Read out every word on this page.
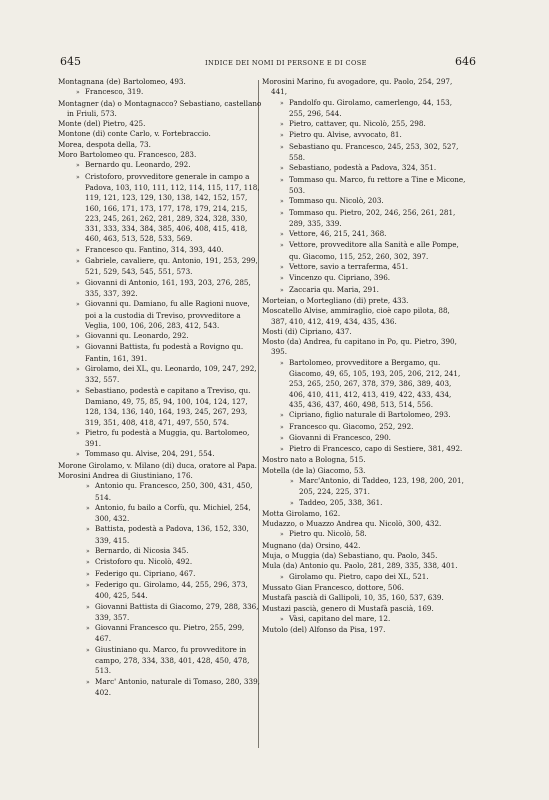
645	INDICE DEI NOMI DI PERSONE E DI COSE	646
Montagnana (de) Bartolomeo, 493.
» Francesco, 319.
Montagner (da) o Montagnacco? Sebastiano, castellano in Friuli, 573.
Monte (del) Pietro, 425.
Montone (di) conte Carlo, v. Fortebraccio.
Morea, despota della, 73.
Moro Bartolomeo qu. Francesco, 283.
» Bernardo qu. Leonardo, 292.
» Cristoforo, provveditore generale in campo a Padova, 103, 110, 111, 112, 114, 115, 117, 118, 119, 121, 123, 129, 130, 138, 142, 152, 157, 160, 166, 171, 173, 177, 178, 179, 214, 215, 223, 245, 261, 262, 281, 289, 324, 328, 330, 331, 333, 334, 384, 385, 406, 408, 415, 418, 460, 463, 513, 528, 533, 569.
» Francesco qu. Fantino, 314, 393, 440.
» Gabriele, cavaliere, qu. Antonio, 191, 253, 299, 521, 529, 543, 545, 551, 573.
» Giovanni di Antonio, 161, 193, 203, 276, 285, 335, 337, 392.
» Giovanni qu. Damiano, fu alle Ragioni nuove, poi a la custodia di Treviso, provveditore a Veglia, 100, 106, 206, 283, 412, 543.
» Giovanni qu. Leonardo, 292.
» Giovanni Battista, fu podestà a Rovigno qu. Fantin, 161, 391.
» Girolamo, dei XL, qu. Leonardo, 109, 247, 292, 332, 557.
» Sebastiano, podestà e capitano a Treviso, qu. Damiano, 49, 75, 85, 94, 100, 104, 124, 127, 128, 134, 136, 140, 164, 193, 245, 267, 293, 319, 351, 408, 418, 471, 497, 550, 574.
» Pietro, fu podestà a Muggia, qu. Bartolomeo, 391.
» Tommaso qu. Alvise, 204, 291, 554.
Morone Girolamo, v. Milano (di) duca, oratore al Papa.
Morosini Andrea di Giustiniano, 176.
» Antonio qu. Francesco, 250, 300, 431, 450, 514.
» Antonio, fu bailo a Corfù, qu. Michiel, 254, 300, 432.
» Battista, podestà a Padova, 136, 152, 330, 339, 415.
» Bernardo, di Nicosia 345.
» Cristoforo qu. Nicolò, 492.
» Federigo qu. Cipriano, 467.
» Federigo qu. Girolamo, 44, 255, 296, 373, 400, 425, 544.
» Giovanni Battista di Giacomo, 279, 288, 336, 339, 357.
» Giovanni Francesco qu. Pietro, 255, 299, 467.
» Giustiniano qu. Marco, fu provveditore in campo, 278, 334, 338, 401, 428, 450, 478, 513.
» Marc' Antonio, naturale di Tomaso, 280, 339, 402.
Morosini Marino, fu avogadore, qu. Paolo, 254, 297, 441,
» Pandolfo qu. Girolamo, camerlengo, 44, 153, 255, 296, 544.
» Pietro, cattaver, qu. Nicolò, 255, 298.
» Pietro qu. Alvise, avvocato, 81.
» Sebastiano qu. Francesco, 245, 253, 302, 527, 558.
» Sebastiano, podestà a Padova, 324, 351.
» Tommaso qu. Marco, fu rettore a Tine e Micone, 503.
» Tommaso qu. Nicolò, 203.
» Tommaso qu. Pietro, 202, 246, 256, 261, 281, 289, 335, 339.
» Vettore, 46, 215, 241, 368.
» Vettore, provveditore alla Sanità e alle Pompe, qu. Giacomo, 115, 252, 260, 302, 397.
» Vettore, savio a terraferma, 451.
» Vincenzo qu. Cipriano, 396.
» Zaccaria qu. Maria, 291.
Morteian, o Morteglianο (di) prete, 433.
Moscatello Alvise, ammiraglio, cioè capo pilota, 88, 387, 410, 412, 419, 434, 435, 436.
Mosti (di) Cipriano, 437.
Mosto (da) Andrea, fu capitano in Po, qu. Pietro, 390, 395.
» Bartolomeo, provveditore a Bergamo, qu. Giacomo, 49, 65, 105, 193, 205, 206, 212, 241, 253, 265, 250, 267, 378, 379, 386, 389, 403, 406, 410, 411, 412, 413, 419, 422, 433, 434, 435, 436, 437, 460, 498, 513, 514, 556.
» Cipriano, figlio naturale di Bartolomeo, 293.
» Francesco qu. Giacomo, 252, 292.
» Giovanni di Francesco, 290.
» Pietro di Francesco, capo di Sestiere, 381, 492.
Mostro nato a Bologna, 515.
Motella (de la) Giacomo, 53.
» Marc'Antonio, di Taddeo, 123, 198, 200, 201, 205, 224, 225, 371.
» Taddeo, 205, 338, 361.
Motta Girolamo, 162.
Mudazzo, o Muazzo Andrea qu. Nicolò, 300, 432.
» Pietro qu. Nicolò, 58.
Mugnano (da) Orsino, 442.
Muja, o Muggia (da) Sebastiano, qu. Paolo, 345.
Mula (da) Antonio qu. Paolo, 281, 289, 335, 338, 401.
» Girolamo qu. Pietro, capo dei XL, 521.
Mussato Gian Francesco, dottore, 506.
Mustafà pascià di Gallipoli, 10, 35, 160, 537, 639.
Mustazi pascià, genero di Mustafà pascià, 169.
» Vàsi, capitano del mare, 12.
Mutolo (del) Alfonso da Pisa, 197.
